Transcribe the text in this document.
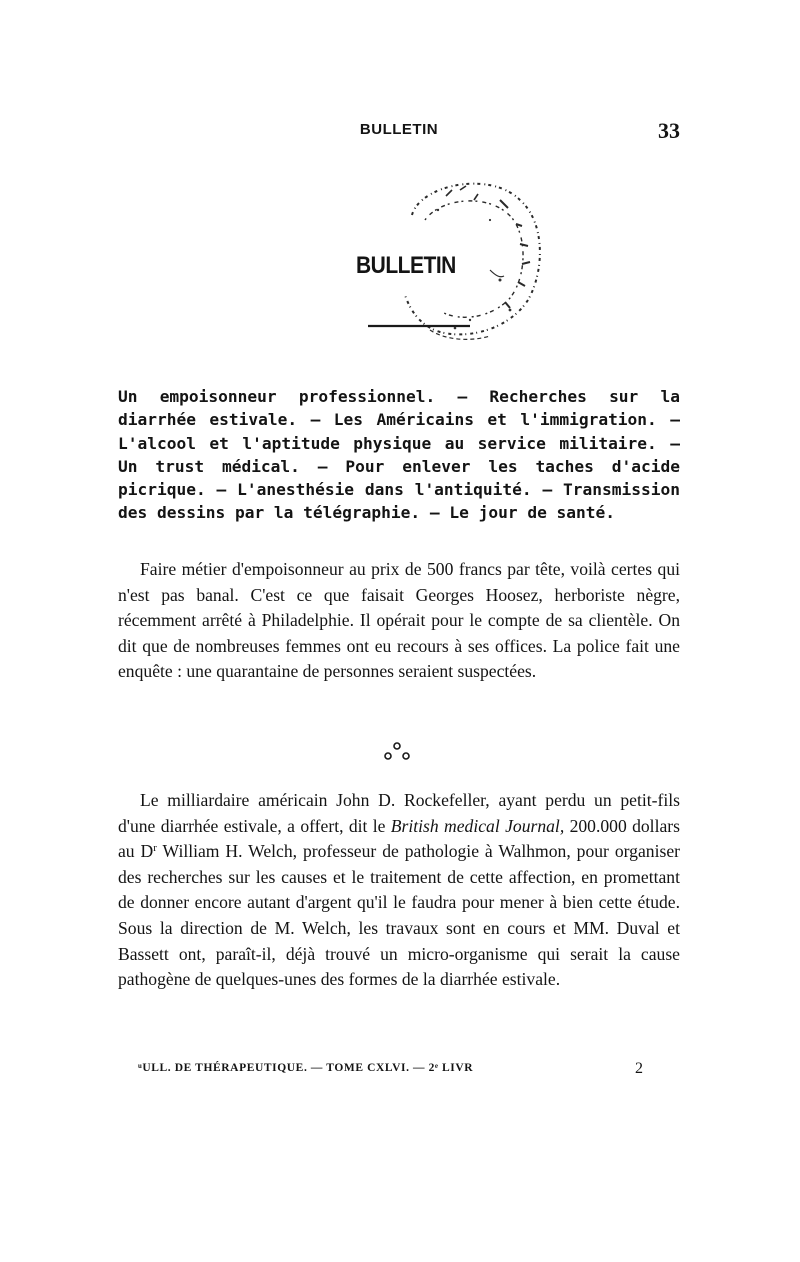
BULLETIN	33
BULLETIN

Un empoisonneur professionnel. — Recherches sur la diarrhée estivale. — Les Américains et l'immigration. — L'alcool et l'aptitude physique au service militaire. — Un trust médical. — Pour enlever les taches d'acide picrique. — L'anesthésie dans l'antiquité. — Transmission des dessins par la télégraphie. — Le jour de santé.

Faire métier d'empoisonneur au prix de 500 francs par tête, voilà certes qui n'est pas banal. C'est ce que faisait Georges Hoosez, herboriste nègre, récemment arrêté à Philadelphie. Il opérait pour le compte de sa clientèle. On dit que de nombreuses femmes ont eu recours à ses offices. La police fait une enquête : une quarantaine de personnes seraient suspectées.

Le milliardaire américain John D. Rockefeller, ayant perdu un petit-fils d'une diarrhée estivale, a offert, dit le British medical Journal, 200.000 dollars au $D^r$ William H. Welch, professeur de pathologie à Walhmon, pour organiser des recherches sur les causes et le traitement de cette affection, en promettant de donner encore autant d'argent qu'il le faudra pour mener à bien cette étude. Sous la direction de M. Welch, les travaux sont en cours et MM. Duval et Bassett ont, paraît-il, déjà trouvé un micro-organisme qui serait la cause pathogène de quelques-unes des formes de la diarrhée estivale.

ᵘULL. DE THÉRAPEUTIQUE. — TOME CXLVI. — 2ᵉ LIVR	2
